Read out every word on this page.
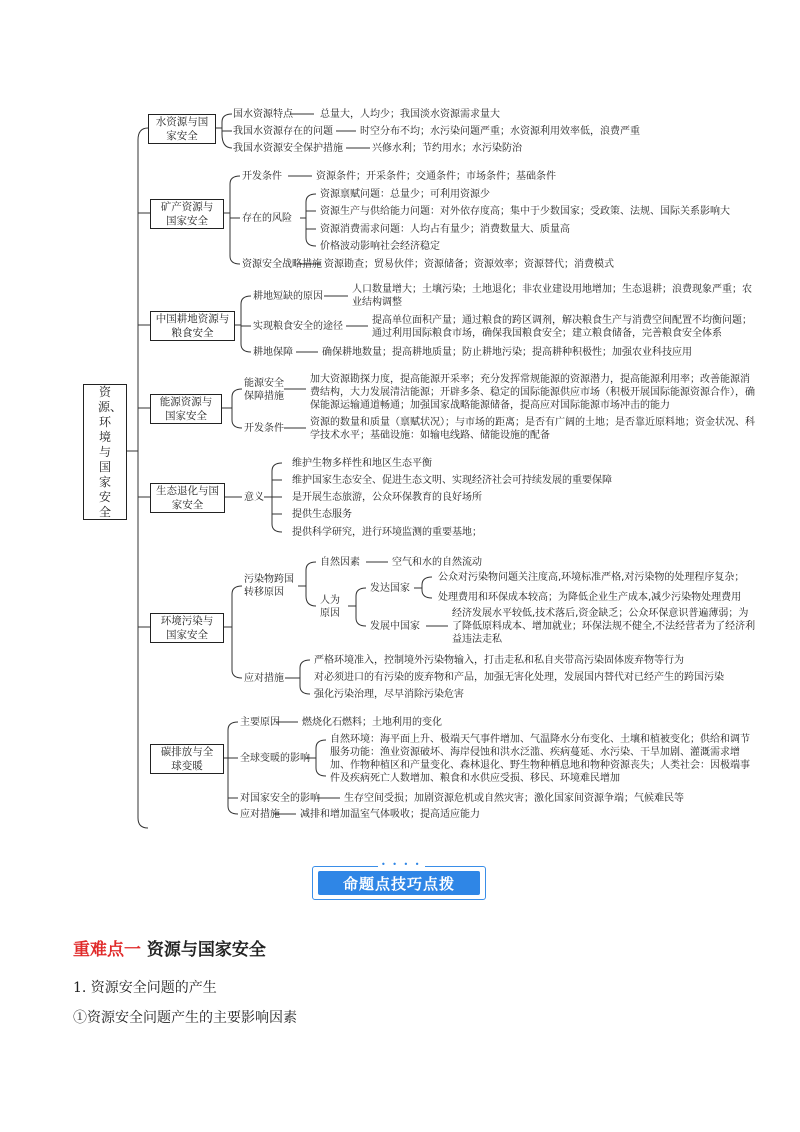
资源、环境与国家安全
水资源与国家安全
国水资源特点	总量大，人均少；我国淡水资源需求量大
我国水资源存在的问题	时空分布不均；水污染问题严重；水资源利用效率低，浪费严重
我国水资源安全保护措施	兴修水利；节约用水；水污染防治
矿产资源与国家安全
开发条件	资源条件；开采条件；交通条件；市场条件；基础条件
存在的风险
资源禀赋问题：总量少；可利用资源少
资源生产与供给能力问题：对外依存度高；集中于少数国家；受政策、法规、国际关系影响大
资源消费需求问题：人均占有量少；消费数量大、质量高
价格波动影响社会经济稳定
资源安全战略措施 资源勘查；贸易伙伴；资源储备；资源效率；资源替代；消费模式
中国耕地资源与粮食安全
耕地短缺的原因
人口数量增大；土壤污染；土地退化；非农业建设用地增加；生态退耕；浪费现象严重；农业结构调整
实现粮食安全的途径
提高单位面积产量；通过粮食的跨区调剂，解决粮食生产与消费空间配置不均衡问题；通过利用国际粮食市场，确保我国粮食安全；建立粮食储备，完善粮食安全体系
耕地保障	确保耕地数量；提高耕地质量；防止耕地污染；提高耕种积极性；加强农业科技应用
能源资源与国家安全
能源安全保障措施
加大资源勘探力度，提高能源开采率；充分发挥常规能源的资源潜力，提高能源利用率；改善能源消费结构，大力发展清洁能源；开辟多条、稳定的国际能源供应市场（积极开展国际能源资源合作），确保能源运输通道畅通；加强国家战略能源储备，提高应对国际能源市场冲击的能力
开发条件
资源的数量和质量（禀赋状况）；与市场的距离；是否有广阔的土地；是否靠近原料地；资金状况、科学技术水平；基础设施：如输电线路、储能设施的配备
生态退化与国家安全
意义
维护生物多样性和地区生态平衡
维护国家生态安全、促进生态文明、实现经济社会可持续发展的重要保障
是开展生态旅游，公众环保教育的良好场所
提供生态服务
提供科学研究，进行环境监测的重要基地；
环境污染与国家安全
污染物跨国转移原因
自然因素	空气和水的自然流动
人为原因
发达国家
公众对污染物问题关注度高,环境标准严格,对污染物的处理程序复杂；
处理费用和环保成本较高；为降低企业生产成本,减少污染物处理费用
发展中国家
经济发展水平较低,技术落后,资金缺乏；公众环保意识普遍薄弱；为了降低原料成本、增加就业；环保法规不健全,不法经营者为了经济利益违法走私
应对措施
严格环境准入，控制境外污染物输入，打击走私和私自夹带高污染固体废弃物等行为
对必须进口的有污染的废弃物和产品，加强无害化处理，发展国内替代对已经产生的跨国污染
强化污染治理，尽早消除污染危害
碳排放与全球变暖
主要原因 燃烧化石燃料；土地利用的变化
全球变暖的影响
自然环境：海平面上升、极端天气事件增加、气温降水分布变化、土壤和植被变化；供给和调节服务功能：渔业资源破坏、海岸侵蚀和洪水泛滥、疾病蔓延、水污染、干旱加剧、灌溉需求增加、作物种植区和产量变化、森林退化、野生物种栖息地和物种资源丧失；人类社会：因极端事件及疾病死亡人数增加、粮食和水供应受损、移民、环境难民增加
对国家安全的影响 生存空间受损；加剧资源危机或自然灾害；激化国家间资源争端；气候难民等
应对措施 减排和增加温室气体吸收；提高适应能力
• • • •
命题点技巧点拨
重难点一 资源与国家安全
1. 资源安全问题的产生
①资源安全问题产生的主要影响因素
